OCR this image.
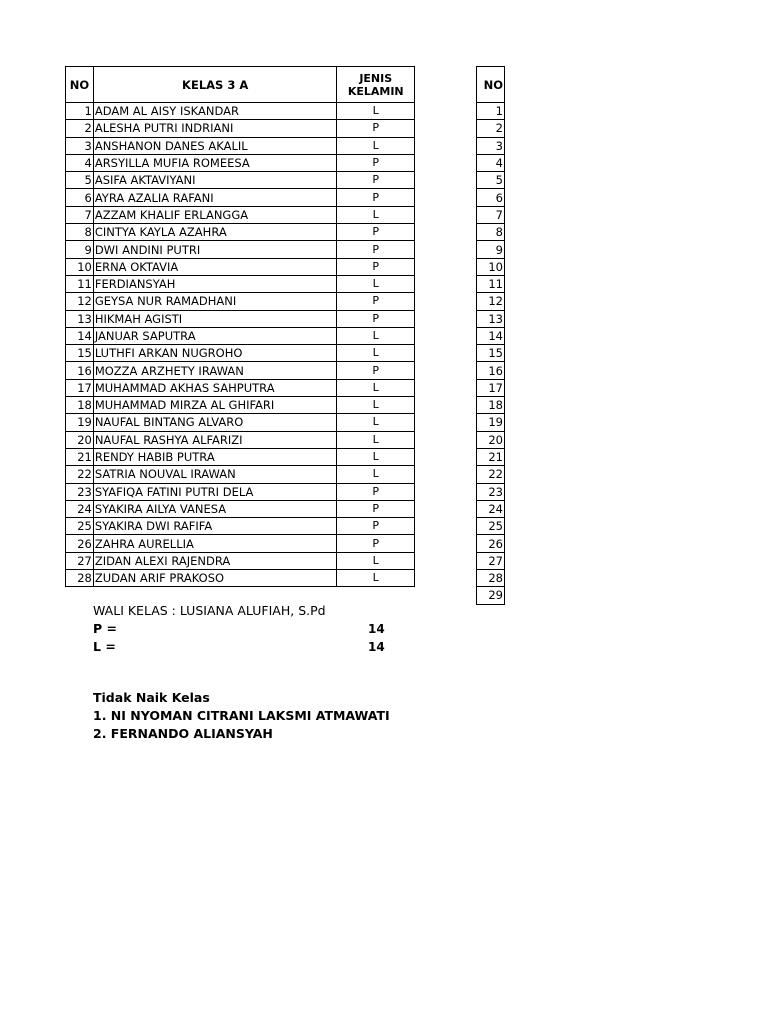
NO	KELAS 3 A	JENIS
KELAMIN
1	ADAM AL AISY ISKANDAR	L
2	ALESHA PUTRI INDRIANI	P
3	ANSHANON DANES AKALIL	L
4	ARSYILLA MUFIA ROMEESA	P
5	ASIFA AKTAVIYANI	P
6	AYRA AZALIA RAFANI	P
7	AZZAM KHALIF ERLANGGA	L
8	CINTYA KAYLA AZAHRA	P
9	DWI ANDINI PUTRI	P
10	ERNA OKTAVIA	P
11	FERDIANSYAH	L
12	GEYSA NUR RAMADHANI	P
13	HIKMAH AGISTI	P
14	JANUAR SAPUTRA	L
15	LUTHFI ARKAN NUGROHO	L
16	MOZZA ARZHETY IRAWAN	P
17	MUHAMMAD AKHAS SAHPUTRA	L
18	MUHAMMAD MIRZA AL GHIFARI	L
19	NAUFAL BINTANG ALVARO	L
20	NAUFAL RASHYA ALFARIZI	L
21	RENDY HABIB PUTRA	L
22	SATRIA NOUVAL IRAWAN	L
23	SYAFIQA FATINI PUTRI DELA	P
24	SYAKIRA AILYA VANESA	P
25	SYAKIRA DWI RAFIFA	P
26	ZAHRA AURELLIA	P
27	ZIDAN ALEXI RAJENDRA	L
28	ZUDAN ARIF PRAKOSO	L
NO
1
2
3
4
5
6
7
8
9
10
11
12
13
14
15
16
17
18
19
20
21
22
23
24
25
26
27
28
29
WALI KELAS : LUSIANA ALUFIAH, S.Pd
P =	14
L =	14
Tidak Naik Kelas
1. NI NYOMAN CITRANI LAKSMI ATMAWATI
2. FERNANDO ALIANSYAH
